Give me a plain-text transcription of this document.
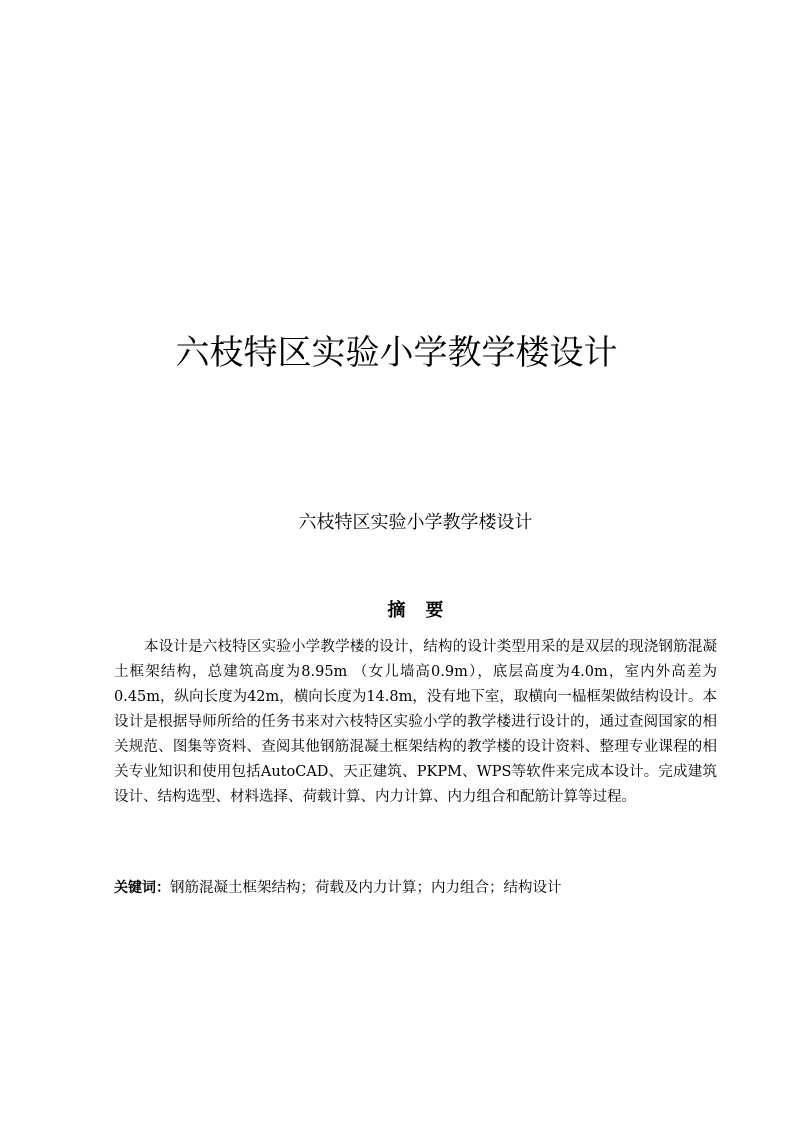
六枝特区实验小学教学楼设计
六枝特区实验小学教学楼设计
摘 要

本设计是六枝特区实验小学教学楼的设计，结构的设计类型用采的是双层的现浇钢筋混凝土框架结构，总建筑高度为8.95m （女儿墙高0.9m），底层高度为4.0m，室内外高差为0.45m，纵向长度为42m，横向长度为14.8m，没有地下室，取横向一榀框架做结构设计。本设计是根据导师所给的任务书来对六枝特区实验小学的教学楼进行设计的，通过查阅国家的相关规范、图集等资料、查阅其他钢筋混凝土框架结构的教学楼的设计资料、整理专业课程的相关专业知识和使用包括AutoCAD、天正建筑、PKPM、WPS等软件来完成本设计。完成建筑设计、结构选型、材料选择、荷载计算、内力计算、内力组合和配筋计算等过程。

关键词：钢筋混凝土框架结构；荷载及内力计算；内力组合；结构设计
